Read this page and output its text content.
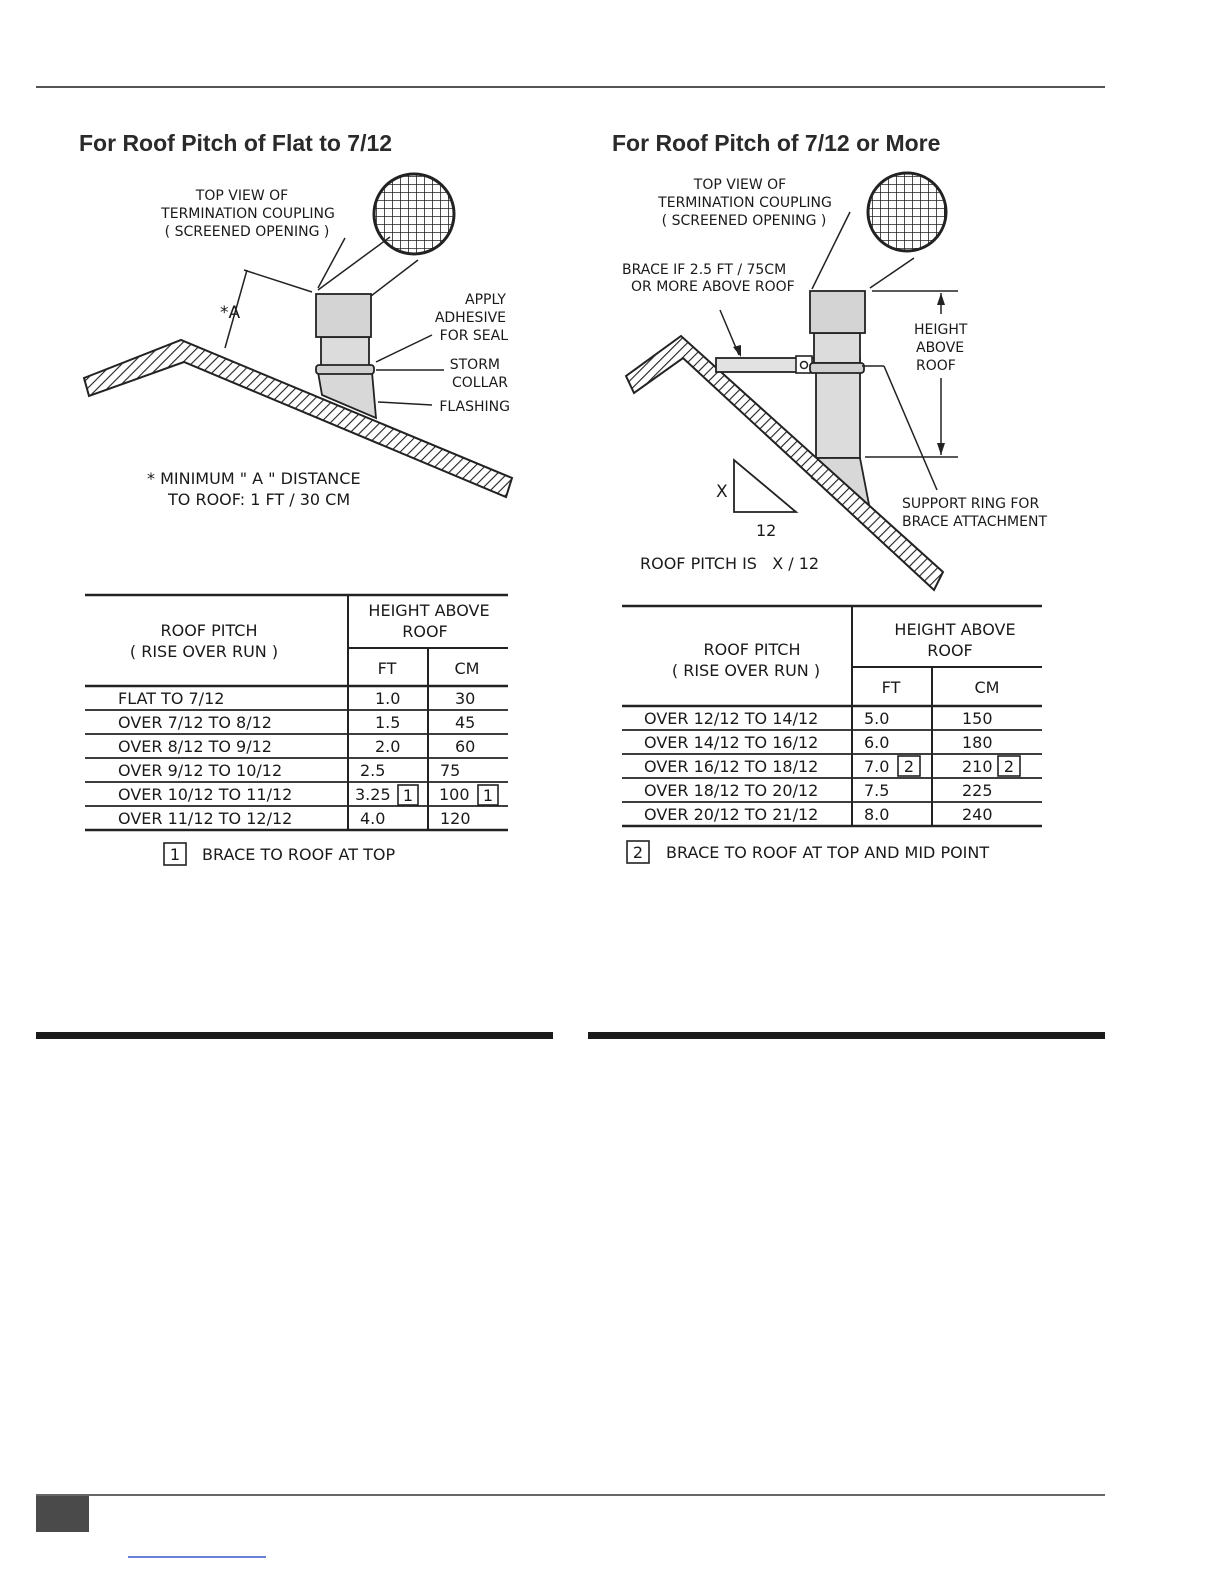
For Roof Pitch of Flat to 7/12	For Roof Pitch of 7/12 or More
TOP VIEW OF
TERMINATION COUPLING
( SCREENED OPENING )
*A
APPLY
ADHESIVE
FOR SEAL
STORM
COLLAR
FLASHING
* MINIMUM " A " DISTANCE
TO ROOF: 1 FT / 30 CM
ROOF PITCH
( RISE OVER RUN )
HEIGHT ABOVE
ROOF
FT	CM
FLAT TO 7/12	1.0	30
OVER 7/12 TO 8/12	1.5	45
OVER 8/12 TO 9/12	2.0	60
OVER 9/12 TO 10/12	2.5	75
OVER 10/12 TO 11/12	3.25	100
1	1
OVER 11/12 TO 12/12	4.0	120
1 BRACE TO ROOF AT TOP
TOP VIEW OF
TERMINATION COUPLING
( SCREENED OPENING )
BRACE IF 2.5 FT / 75CM
OR MORE ABOVE ROOF
HEIGHT
ABOVE
ROOF
SUPPORT RING FOR
BRACE ATTACHMENT
X
12
ROOF PITCH IS   X / 12
ROOF PITCH
( RISE OVER RUN )
HEIGHT ABOVE
ROOF
FT	CM
OVER 12/12 TO 14/12	5.0	150
OVER 14/12 TO 16/12	6.0	180
OVER 16/12 TO 18/12	7.0	210
2	2
OVER 18/12 TO 20/12	7.5	225
OVER 20/12 TO 21/12	8.0	240
2 BRACE TO ROOF AT TOP AND MID POINT
